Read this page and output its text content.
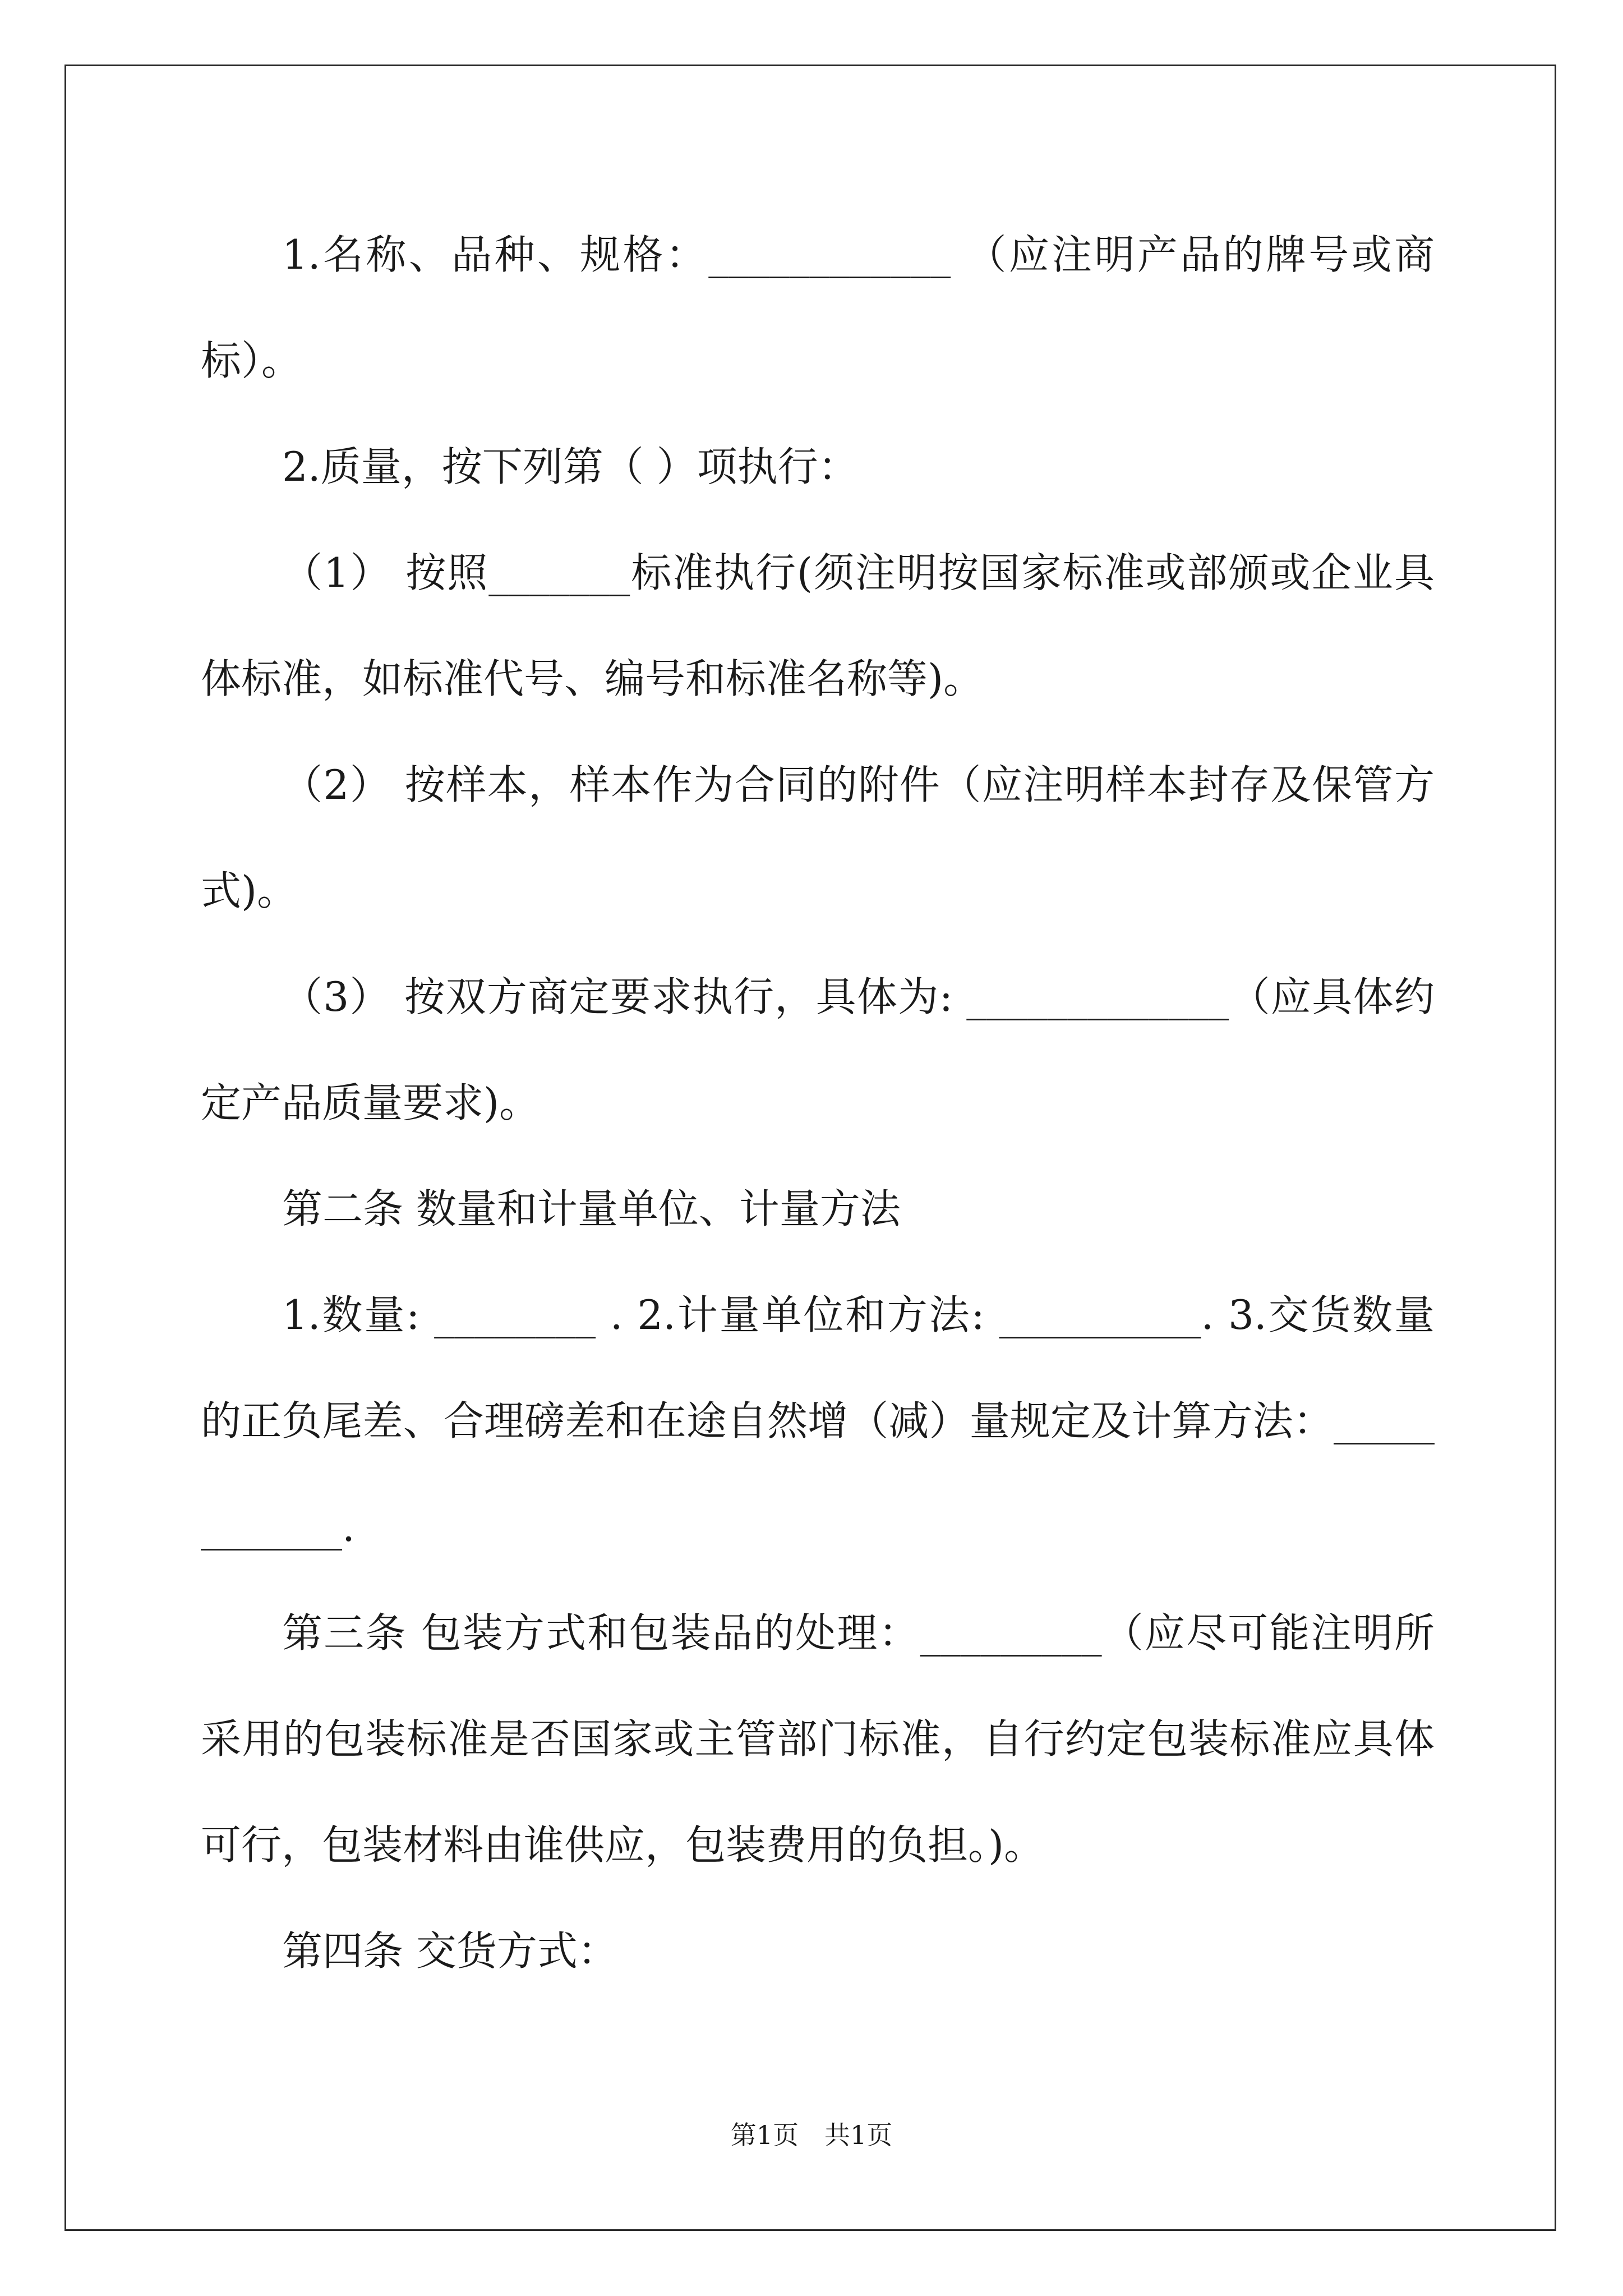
1.名称、品种、规格：____________ （应注明产品的牌号或商标）。

2.质量，按下列第（ ）项执行：

（1） 按照_______标准执行(须注明按国家标准或部颁或企业具体标准，如标准代号、编号和标准名称等)。

（2） 按样本，样本作为合同的附件（应注明样本封存及保管方式)。

（3） 按双方商定要求执行，具体为: _____________（应具体约定产品质量要求)。

第二条 数量和计量单位、计量方法

1.数量: ________ . 2.计量单位和方法: __________. 3.交货数量的正负尾差、合理磅差和在途自然增（减）量规定及计算方法：____________.

第三条 包装方式和包装品的处理：_________（应尽可能注明所采用的包装标准是否国家或主管部门标准，自行约定包装标准应具体可行，包装材料由谁供应，包装费用的负担。)。

第四条 交货方式：

第1页　共1页
